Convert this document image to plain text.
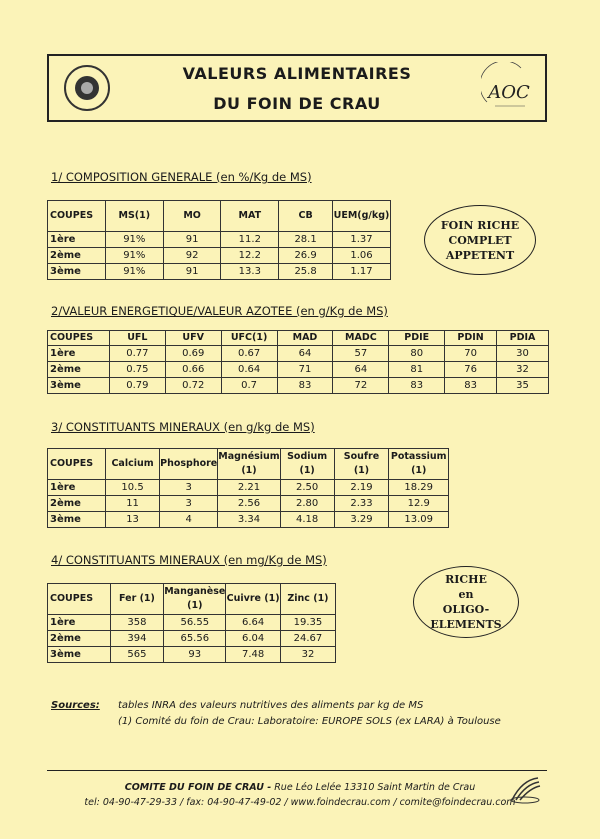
VALEURS ALIMENTAIRES
DU FOIN DE CRAU
AOC
1/ COMPOSITION GENERALE (en %/Kg de MS)
COUPES	MS(1)	MO	MAT	CB	UEM(g/kg)
1ère	91%	91	11.2	28.1	1.37
2ème	91%	92	12.2	26.9	1.06
3ème	91%	91	13.3	25.8	1.17
FOIN RICHE
COMPLET
APPETENT
2/VALEUR ENERGETIQUE/VALEUR AZOTEE (en g/Kg de MS)
COUPES	UFL	UFV	UFC(1)	MAD	MADC	PDIE	PDIN	PDIA
1ère	0.77	0.69	0.67	64	57	80	70	30
2ème	0.75	0.66	0.64	71	64	81	76	32
3ème	0.79	0.72	0.7	83	72	83	83	35
3/ CONSTITUANTS MINERAUX (en g/kg de MS)
COUPES	Calcium	Phosphore	Magnésium (1)	Sodium (1)	Soufre (1)	Potassium (1)
1ère	10.5	3	2.21	2.50	2.19	18.29
2ème	11	3	2.56	2.80	2.33	12.9
3ème	13	4	3.34	4.18	3.29	13.09
4/ CONSTITUANTS MINERAUX (en mg/Kg de MS)
COUPES	Fer (1)	Manganèse (1)	Cuivre (1)	Zinc (1)
1ère	358	56.55	6.64	19.35
2ème	394	65.56	6.04	24.67
3ème	565	93	7.48	32
RICHE
en
OLIGO-
ELEMENTS
Sources: tables INRA des valeurs nutritives des aliments par kg de MS
(1) Comité du foin de Crau: Laboratoire: EUROPE SOLS (ex LARA) à Toulouse
COMITE DU FOIN DE CRAU - Rue Léo Lelée 13310 Saint Martin de Crau
tel: 04-90-47-29-33 / fax: 04-90-47-49-02 / www.foindecrau.com / comite@foindecrau.com
